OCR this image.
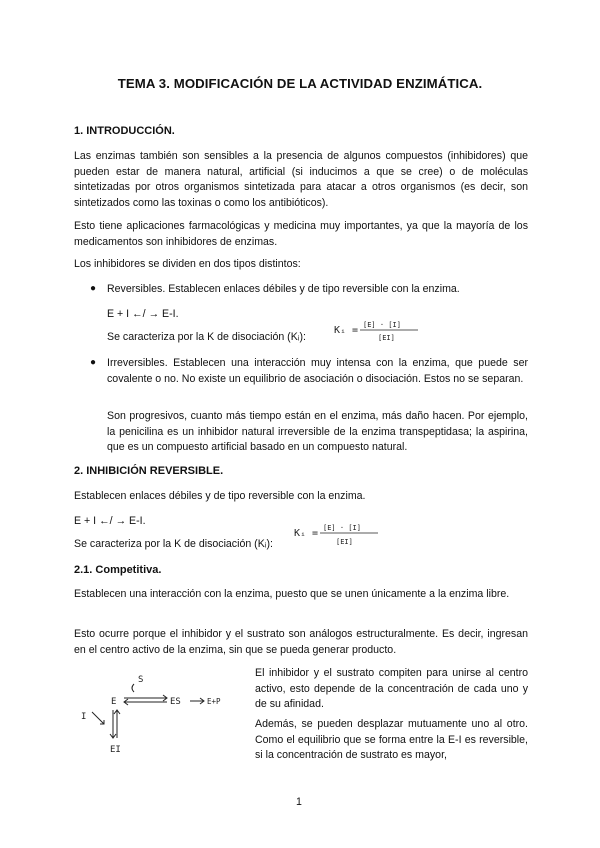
TEMA 3. MODIFICACIÓN DE LA ACTIVIDAD ENZIMÁTICA.
1. INTRODUCCIÓN.
Las enzimas también son sensibles a la presencia de algunos compuestos (inhibidores) que pueden estar de manera natural, artificial (si inducimos a que se cree) o de moléculas sintetizadas por otros organismos sintetizada para atacar a otros organismos (es decir, son sintetizados como las toxinas o como los antibióticos).
Esto tiene aplicaciones farmacológicas y medicina muy importantes, ya que la mayoría de los medicamentos son inhibidores de enzimas.
Los inhibidores se dividen en dos tipos distintos:
● Reversibles. Establecen enlaces débiles y de tipo reversible con la enzima.
E + I ←/ → E-I.
Se caracteriza por la K de disociación (Kᵢ):
Kᵢ = [E] · [I]
[EI]
● Irreversibles. Establecen una interacción muy intensa con la enzima, que puede ser covalente o no. No existe un equilibrio de asociación o disociación. Estos no se separan.
Son progresivos, cuanto más tiempo están en el enzima, más daño hacen. Por ejemplo, la penicilina es un inhibidor natural irreversible de la enzima transpeptidasa; la aspirina, que es un compuesto artificial basado en un compuesto natural.
2. INHIBICIÓN REVERSIBLE.
Establecen enlaces débiles y de tipo reversible con la enzima.
E + I ←/ → E-I.
Se caracteriza por la K de disociación (Kᵢ):
Kᵢ = [E] · [I]
[EI]
2.1. Competitiva.
Establecen una interacción con la enzima, puesto que se unen únicamente a la enzima libre.
Esto ocurre porque el inhibidor y el sustrato son análogos estructuralmente. Es decir, ingresan en el centro activo de la enzima, sin que se pueda generar producto.
S
E	ES	E+P
I
EI
El inhibidor y el sustrato compiten para unirse al centro activo, esto depende de la concentración de cada uno y de su afinidad.
Además, se pueden desplazar mutuamente uno al otro. Como el equilibrio que se forma entre la E-I es reversible, si la concentración de sustrato es mayor,
1
